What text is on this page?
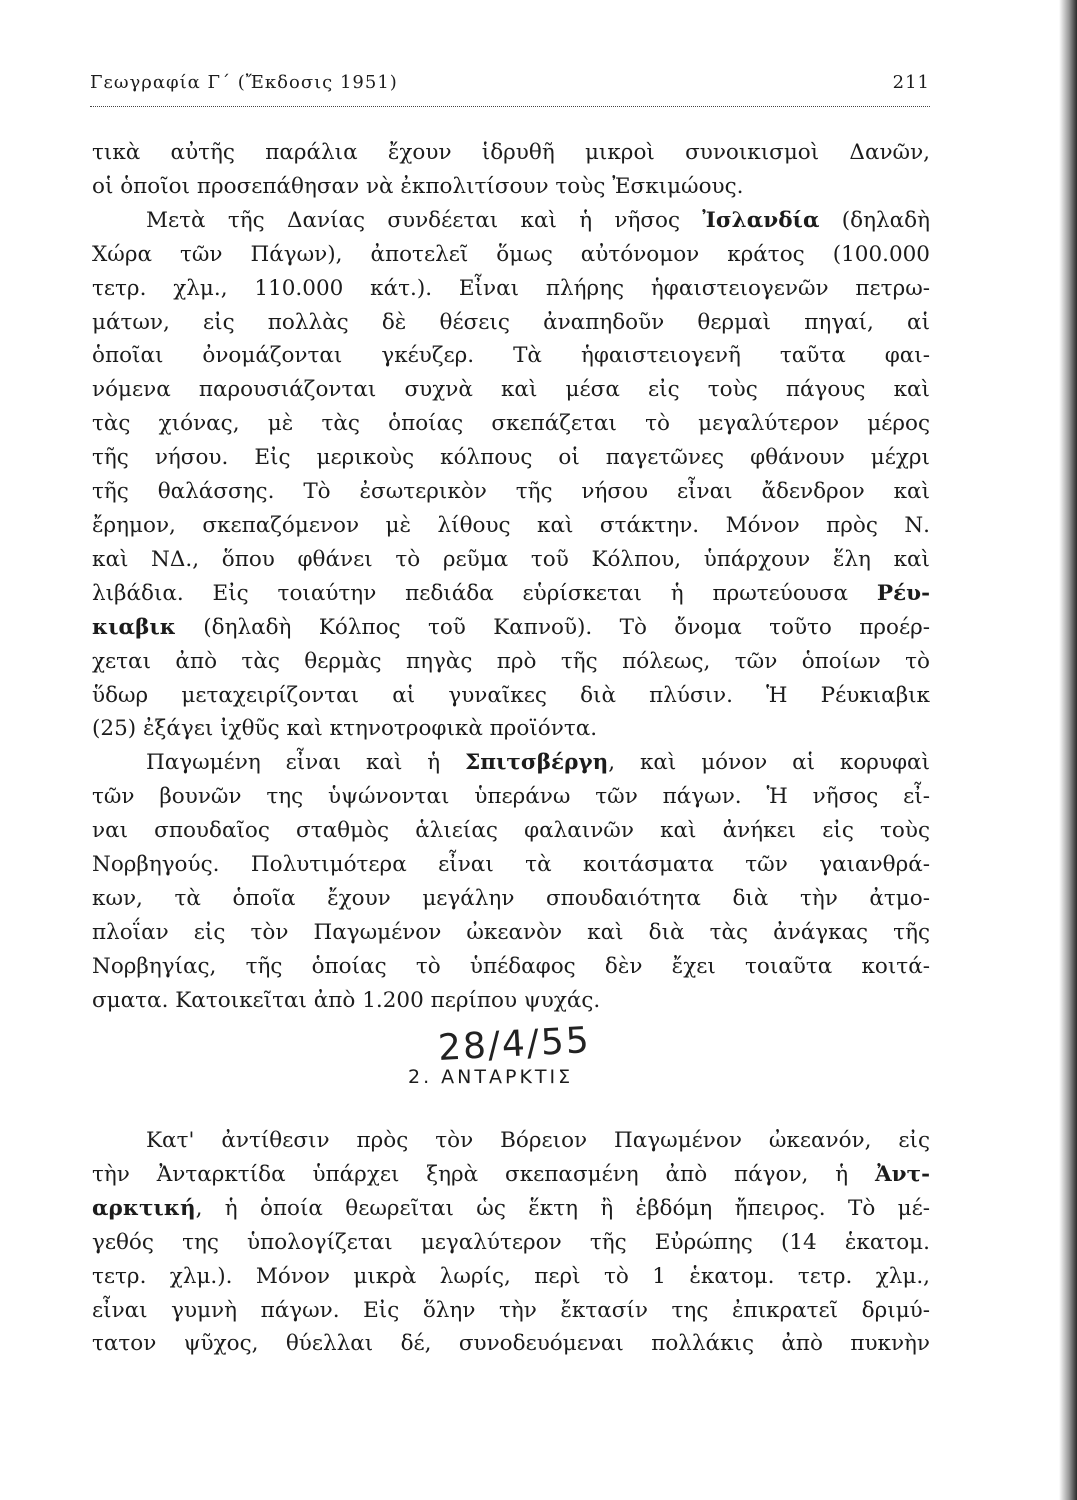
Γεωγραφία Γ΄ (Ἔκδοσις 1951)	211
τικὰ αὐτῆς παράλια ἔχουν ἱδρυθῆ μικροὶ συνοικισμοὶ Δανῶν,
οἱ ὁποῖοι προσεπάθησαν νὰ ἐκπολιτίσουν τοὺς Ἐσκιμώους.
Μετὰ τῆς Δανίας συνδέεται καὶ ἡ νῆσος Ἰσλανδία (δηλαδὴ
Χώρα τῶν Πάγων), ἀποτελεῖ ὅμως αὐτόνομον κράτος (100.000
τετρ. χλμ., 110.000 κάτ.). Εἶναι πλήρης ἡφαιστειογενῶν πετρω-
μάτων, εἰς πολλὰς δὲ θέσεις ἀναπηδοῦν θερμαὶ πηγαί, αἱ
ὁποῖαι ὀνομάζονται γκέυζερ. Τὰ ἡφαιστειογενῆ ταῦτα φαι-
νόμενα παρουσιάζονται συχνὰ καὶ μέσα εἰς τοὺς πάγους καὶ
τὰς χιόνας, μὲ τὰς ὁποίας σκεπάζεται τὸ μεγαλύτερον μέρος
τῆς νήσου. Εἰς μερικοὺς κόλπους οἱ παγετῶνες φθάνουν μέχρι
τῆς θαλάσσης. Τὸ ἐσωτερικὸν τῆς νήσου εἶναι ἄδενδρον καὶ
ἔρημον, σκεπαζόμενον μὲ λίθους καὶ στάκτην. Μόνον πρὸς Ν.
καὶ ΝΔ., ὅπου φθάνει τὸ ρεῦμα τοῦ Κόλπου, ὑπάρχουν ἕλη καὶ
λιβάδια. Εἰς τοιαύτην πεδιάδα εὑρίσκεται ἡ πρωτεύουσα Ρέυ-
κιαβικ (δηλαδὴ Κόλπος τοῦ Καπνοῦ). Τὸ ὄνομα τοῦτο προέρ-
χεται ἀπὸ τὰς θερμὰς πηγὰς πρὸ τῆς πόλεως, τῶν ὁποίων τὸ
ὕδωρ μεταχειρίζονται αἱ γυναῖκες διὰ πλύσιν. Ἡ Ρέυκιαβικ
(25) ἐξάγει ἰχθῦς καὶ κτηνοτροφικὰ προϊόντα.
Παγωμένη εἶναι καὶ ἡ Σπιτσβέργη, καὶ μόνον αἱ κορυφαὶ
τῶν βουνῶν της ὑψώνονται ὑπεράνω τῶν πάγων. Ἡ νῆσος εἶ-
ναι σπουδαῖος σταθμὸς ἁλιείας φαλαινῶν καὶ ἀνήκει εἰς τοὺς
Νορβηγούς. Πολυτιμότερα εἶναι τὰ κοιτάσματα τῶν γαιανθρά-
κων, τὰ ὁποῖα ἔχουν μεγάλην σπουδαιότητα διὰ τὴν ἀτμο-
πλοΐαν εἰς τὸν Παγωμένον ὠκεανὸν καὶ διὰ τὰς ἀνάγκας τῆς
Νορβηγίας, τῆς ὁποίας τὸ ὑπέδαφος δὲν ἔχει τοιαῦτα κοιτά-
σματα. Κατοικεῖται ἀπὸ 1.200 περίπου ψυχάς.
28/4/55
2. ΑΝΤΑΡΚΤΙΣ
Κατ' ἀντίθεσιν πρὸς τὸν Βόρειον Παγωμένον ὠκεανόν, εἰς
τὴν Ἀνταρκτίδα ὑπάρχει ξηρὰ σκεπασμένη ἀπὸ πάγον, ἡ Ἀντ-
αρκτική, ἡ ὁποία θεωρεῖται ὡς ἕκτη ἢ ἑβδόμη ἤπειρος. Τὸ μέ-
γεθός της ὑπολογίζεται μεγαλύτερον τῆς Εὐρώπης (14 ἑκατομ.
τετρ. χλμ.). Μόνον μικρὰ λωρίς, περὶ τὸ 1 ἑκατομ. τετρ. χλμ.,
εἶναι γυμνὴ πάγων. Εἰς ὅλην τὴν ἔκτασίν της ἐπικρατεῖ δριμύ-
τατον ψῦχος, θύελλαι δέ, συνοδευόμεναι πολλάκις ἀπὸ πυκνὴν
